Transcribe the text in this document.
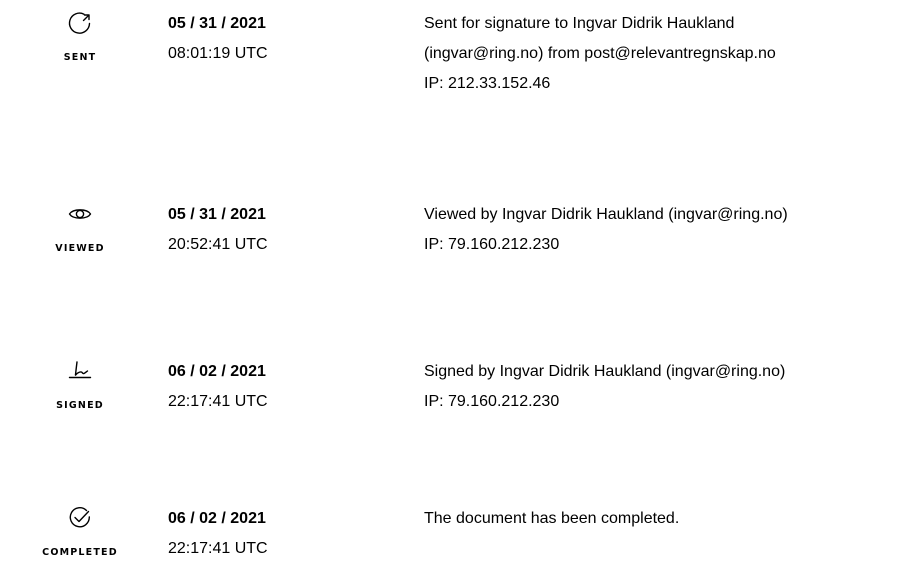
SENT
05 / 31 / 2021
08:01:19 UTC
Sent for signature to Ingvar Didrik Haukland
(ingvar@ring.no) from post@relevantregnskap.no
IP: 212.33.152.46
VIEWED
05 / 31 / 2021
20:52:41 UTC
Viewed by Ingvar Didrik Haukland (ingvar@ring.no)
IP: 79.160.212.230
SIGNED
06 / 02 / 2021
22:17:41 UTC
Signed by Ingvar Didrik Haukland (ingvar@ring.no)
IP: 79.160.212.230
COMPLETED
06 / 02 / 2021
22:17:41 UTC
The document has been completed.
